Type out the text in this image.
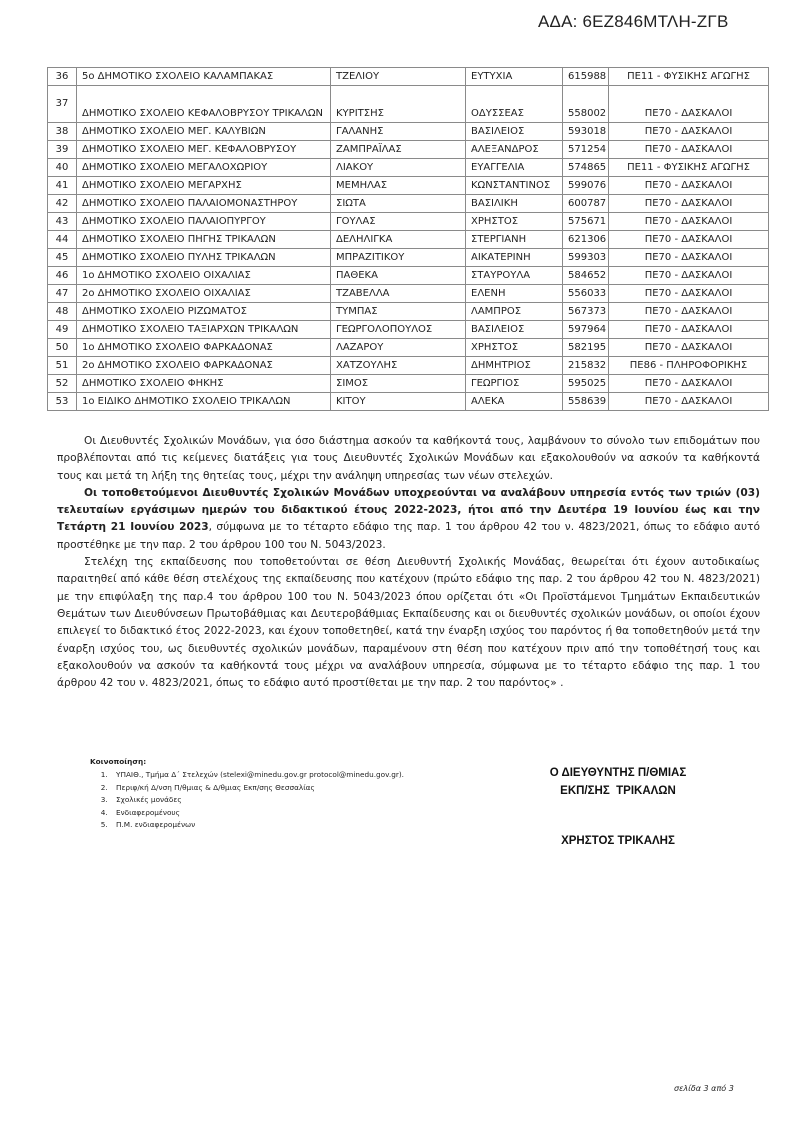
ΑΔΑ: 6ΕΖ846ΜΤΛΗ-ΖΓΒ
36	5ο ΔΗΜΟΤΙΚΟ ΣΧΟΛΕΙΟ ΚΑΛΑΜΠΑΚΑΣ	ΤΖΕΛΙΟΥ	ΕΥΤΥΧΙΑ	615988	ΠΕ11 - ΦΥΣΙΚΗΣ ΑΓΩΓΗΣ
37	ΔΗΜΟΤΙΚΟ ΣΧΟΛΕΙΟ ΚΕΦΑΛΟΒΡΥΣΟΥ ΤΡΙΚΑΛΩΝ	ΚΥΡΙΤΣΗΣ	ΟΔΥΣΣΕΑΣ	558002	ΠΕ70 - ΔΑΣΚΑΛΟΙ
38	ΔΗΜΟΤΙΚΟ ΣΧΟΛΕΙΟ ΜΕΓ. ΚΑΛΥΒΙΩΝ	ΓΑΛΑΝΗΣ	ΒΑΣΙΛΕΙΟΣ	593018	ΠΕ70 - ΔΑΣΚΑΛΟΙ
39	ΔΗΜΟΤΙΚΟ ΣΧΟΛΕΙΟ ΜΕΓ. ΚΕΦΑΛΟΒΡΥΣΟΥ	ΖΑΜΠΡΑΪΛΑΣ	ΑΛΕΞΑΝΔΡΟΣ	571254	ΠΕ70 - ΔΑΣΚΑΛΟΙ
40	ΔΗΜΟΤΙΚΟ ΣΧΟΛΕΙΟ ΜΕΓΑΛΟΧΩΡΙΟΥ	ΛΙΑΚΟΥ	ΕΥΑΓΓΕΛΙΑ	574865	ΠΕ11 - ΦΥΣΙΚΗΣ ΑΓΩΓΗΣ
41	ΔΗΜΟΤΙΚΟ ΣΧΟΛΕΙΟ ΜΕΓΑΡΧΗΣ	ΜΕΜΗΛΑΣ	ΚΩΝΣΤΑΝΤΙΝΟΣ	599076	ΠΕ70 - ΔΑΣΚΑΛΟΙ
42	ΔΗΜΟΤΙΚΟ ΣΧΟΛΕΙΟ ΠΑΛΑΙΟΜΟΝΑΣΤΗΡΟΥ	ΣΙΩΤΑ	ΒΑΣΙΛΙΚΗ	600787	ΠΕ70 - ΔΑΣΚΑΛΟΙ
43	ΔΗΜΟΤΙΚΟ ΣΧΟΛΕΙΟ ΠΑΛΑΙΟΠΥΡΓΟΥ	ΓΟΥΛΑΣ	ΧΡΗΣΤΟΣ	575671	ΠΕ70 - ΔΑΣΚΑΛΟΙ
44	ΔΗΜΟΤΙΚΟ ΣΧΟΛΕΙΟ ΠΗΓΗΣ ΤΡΙΚΑΛΩΝ	ΔΕΛΗΛΙΓΚΑ	ΣΤΕΡΓΙΑΝΗ	621306	ΠΕ70 - ΔΑΣΚΑΛΟΙ
45	ΔΗΜΟΤΙΚΟ ΣΧΟΛΕΙΟ ΠΥΛΗΣ ΤΡΙΚΑΛΩΝ	ΜΠΡΑΖΙΤΙΚΟΥ	ΑΙΚΑΤΕΡΙΝΗ	599303	ΠΕ70 - ΔΑΣΚΑΛΟΙ
46	1ο ΔΗΜΟΤΙΚΟ ΣΧΟΛΕΙΟ ΟΙΧΑΛΙΑΣ	ΠΑΘΕΚΑ	ΣΤΑΥΡΟΥΛΑ	584652	ΠΕ70 - ΔΑΣΚΑΛΟΙ
47	2ο ΔΗΜΟΤΙΚΟ ΣΧΟΛΕΙΟ ΟΙΧΑΛΙΑΣ	ΤΖΑΒΕΛΛΑ	ΕΛΕΝΗ	556033	ΠΕ70 - ΔΑΣΚΑΛΟΙ
48	ΔΗΜΟΤΙΚΟ ΣΧΟΛΕΙΟ ΡΙΖΩΜΑΤΟΣ	ΤΥΜΠΑΣ	ΛΑΜΠΡΟΣ	567373	ΠΕ70 - ΔΑΣΚΑΛΟΙ
49	ΔΗΜΟΤΙΚΟ ΣΧΟΛΕΙΟ ΤΑΞΙΑΡΧΩΝ ΤΡΙΚΑΛΩΝ	ΓΕΩΡΓΟΛΟΠΟΥΛΟΣ	ΒΑΣΙΛΕΙΟΣ	597964	ΠΕ70 - ΔΑΣΚΑΛΟΙ
50	1ο ΔΗΜΟΤΙΚΟ ΣΧΟΛΕΙΟ ΦΑΡΚΑΔΟΝΑΣ	ΛΑΖΑΡΟΥ	ΧΡΗΣΤΟΣ	582195	ΠΕ70 - ΔΑΣΚΑΛΟΙ
51	2ο ΔΗΜΟΤΙΚΟ ΣΧΟΛΕΙΟ ΦΑΡΚΑΔΟΝΑΣ	ΧΑΤΖΟΥΛΗΣ	ΔΗΜΗΤΡΙΟΣ	215832	ΠΕ86 - ΠΛΗΡΟΦΟΡΙΚΗΣ
52	ΔΗΜΟΤΙΚΟ ΣΧΟΛΕΙΟ ΦΗΚΗΣ	ΣΙΜΟΣ	ΓΕΩΡΓΙΟΣ	595025	ΠΕ70 - ΔΑΣΚΑΛΟΙ
53	1ο ΕΙΔΙΚΟ ΔΗΜΟΤΙΚΟ ΣΧΟΛΕΙΟ ΤΡΙΚΑΛΩΝ	ΚΙΤΟΥ	ΑΛΕΚΑ	558639	ΠΕ70 - ΔΑΣΚΑΛΟΙ

Οι Διευθυντές Σχολικών Μονάδων, για όσο διάστημα ασκούν τα καθήκοντά τους, λαμβάνουν το σύνολο των επιδομάτων που προβλέπονται από τις κείμενες διατάξεις για τους Διευθυντές Σχολικών Μονάδων και εξακολουθούν να ασκούν τα καθήκοντά τους και μετά τη λήξη της θητείας τους, μέχρι την ανάληψη υπηρεσίας των νέων στελεχών.

Οι τοποθετούμενοι Διευθυντές Σχολικών Μονάδων υποχρεούνται να αναλάβουν υπηρεσία εντός των τριών (03) τελευταίων εργάσιμων ημερών του διδακτικού έτους 2022-2023, ήτοι από την Δευτέρα 19 Ιουνίου έως και την Τετάρτη 21 Ιουνίου 2023, σύμφωνα με το τέταρτο εδάφιο της παρ. 1 του άρθρου 42 του ν. 4823/2021, όπως το εδάφιο αυτό προστέθηκε με την παρ. 2 του άρθρου 100 του Ν. 5043/2023.

Στελέχη της εκπαίδευσης που τοποθετούνται σε θέση Διευθυντή Σχολικής Μονάδας, θεωρείται ότι έχουν αυτοδικαίως παραιτηθεί από κάθε θέση στελέχους της εκπαίδευσης που κατέχουν (πρώτο εδάφιο της παρ. 2 του άρθρου 42 του Ν. 4823/2021) με την επιφύλαξη της παρ.4 του άρθρου 100 του Ν. 5043/2023 όπου ορίζεται ότι «Οι Προϊστάμενοι Τμημάτων Εκπαιδευτικών Θεμάτων των Διευθύνσεων Πρωτοβάθμιας και Δευτεροβάθμιας Εκπαίδευσης και οι διευθυντές σχολικών μονάδων, οι οποίοι έχουν επιλεγεί το διδακτικό έτος 2022-2023, και έχουν τοποθετηθεί, κατά την έναρξη ισχύος του παρόντος ή θα τοποθετηθούν μετά την έναρξη ισχύος του, ως διευθυντές σχολικών μονάδων, παραμένουν στη θέση που κατέχουν πριν από την τοποθέτησή τους και εξακολουθούν να ασκούν τα καθήκοντά τους μέχρι να αναλάβουν υπηρεσία, σύμφωνα με το τέταρτο εδάφιο της παρ. 1 του άρθρου 42 του ν. 4823/2021, όπως το εδάφιο αυτό προστίθεται με την παρ. 2 του παρόντος» .

Κοινοποίηση:
1. ΥΠΑΙΘ., Τμήμα Δ΄ Στελεχών (stelexi@minedu.gov.gr protocol@minedu.gov.gr).
2. Περιφ/κή Δ/νση Π/θμιας & Δ/θμιας Εκπ/σης Θεσσαλίας
3. Σχολικές μονάδες
4. Ενδιαφερομένους
5. Π.Μ. ενδιαφερομένων
Ο ΔΙΕΥΘΥΝΤΗΣ Π/ΘΜΙΑΣ
ΕΚΠ/ΣΗΣ  ΤΡΙΚΑΛΩΝ
ΧΡΗΣΤΟΣ ΤΡΙΚΑΛΗΣ
σελίδα 3 από 3
